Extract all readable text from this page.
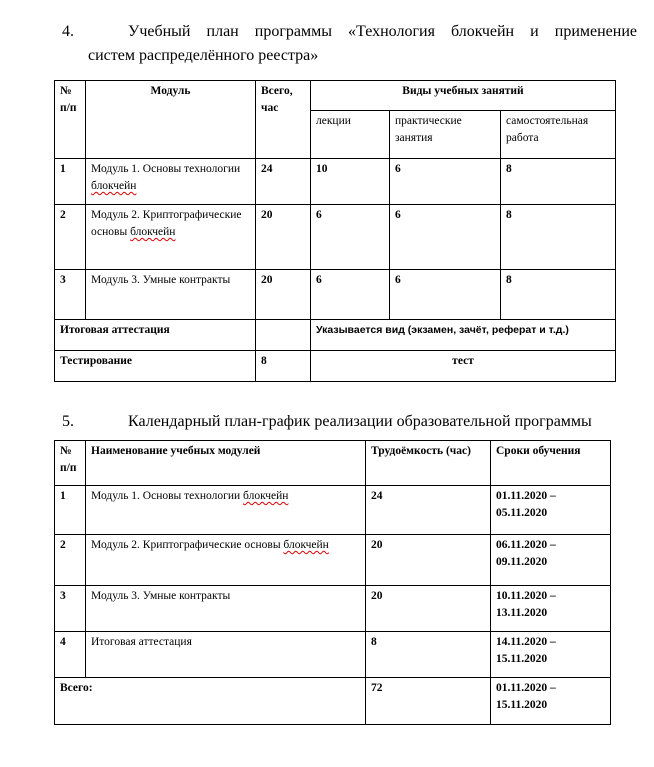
4.	Учебный план программы «Технология блокчейн и применение
систем распределённого реестра»
№ п/п	Модуль	Всего, час	Виды учебных занятий		
			лекции	практические занятия	самостоятельная работа
1	Модуль 1. Основы технологии блокчейн	24	10	6	8
2	Модуль 2. Криптографические основы блокчейн	20	6	6	8
3	Модуль 3. Умные контракты	20	6	6	8
Итоговая аттестация			Указывается вид (экзамен, зачёт, реферат и т.д.)		
Тестирование		8	тест		
5.	Календарный план-график реализации образовательной программы
№ п/п	Наименование учебных модулей	Трудоёмкость (час)	Сроки обучения
1	Модуль 1. Основы технологии блокчейн	24	01.11.2020 – 05.11.2020
2	Модуль 2. Криптографические основы блокчейн	20	06.11.2020 – 09.11.2020
3	Модуль 3. Умные контракты	20	10.11.2020 – 13.11.2020
4	Итоговая аттестация	8	14.11.2020 – 15.11.2020
Всего:		72	01.11.2020 – 15.11.2020
